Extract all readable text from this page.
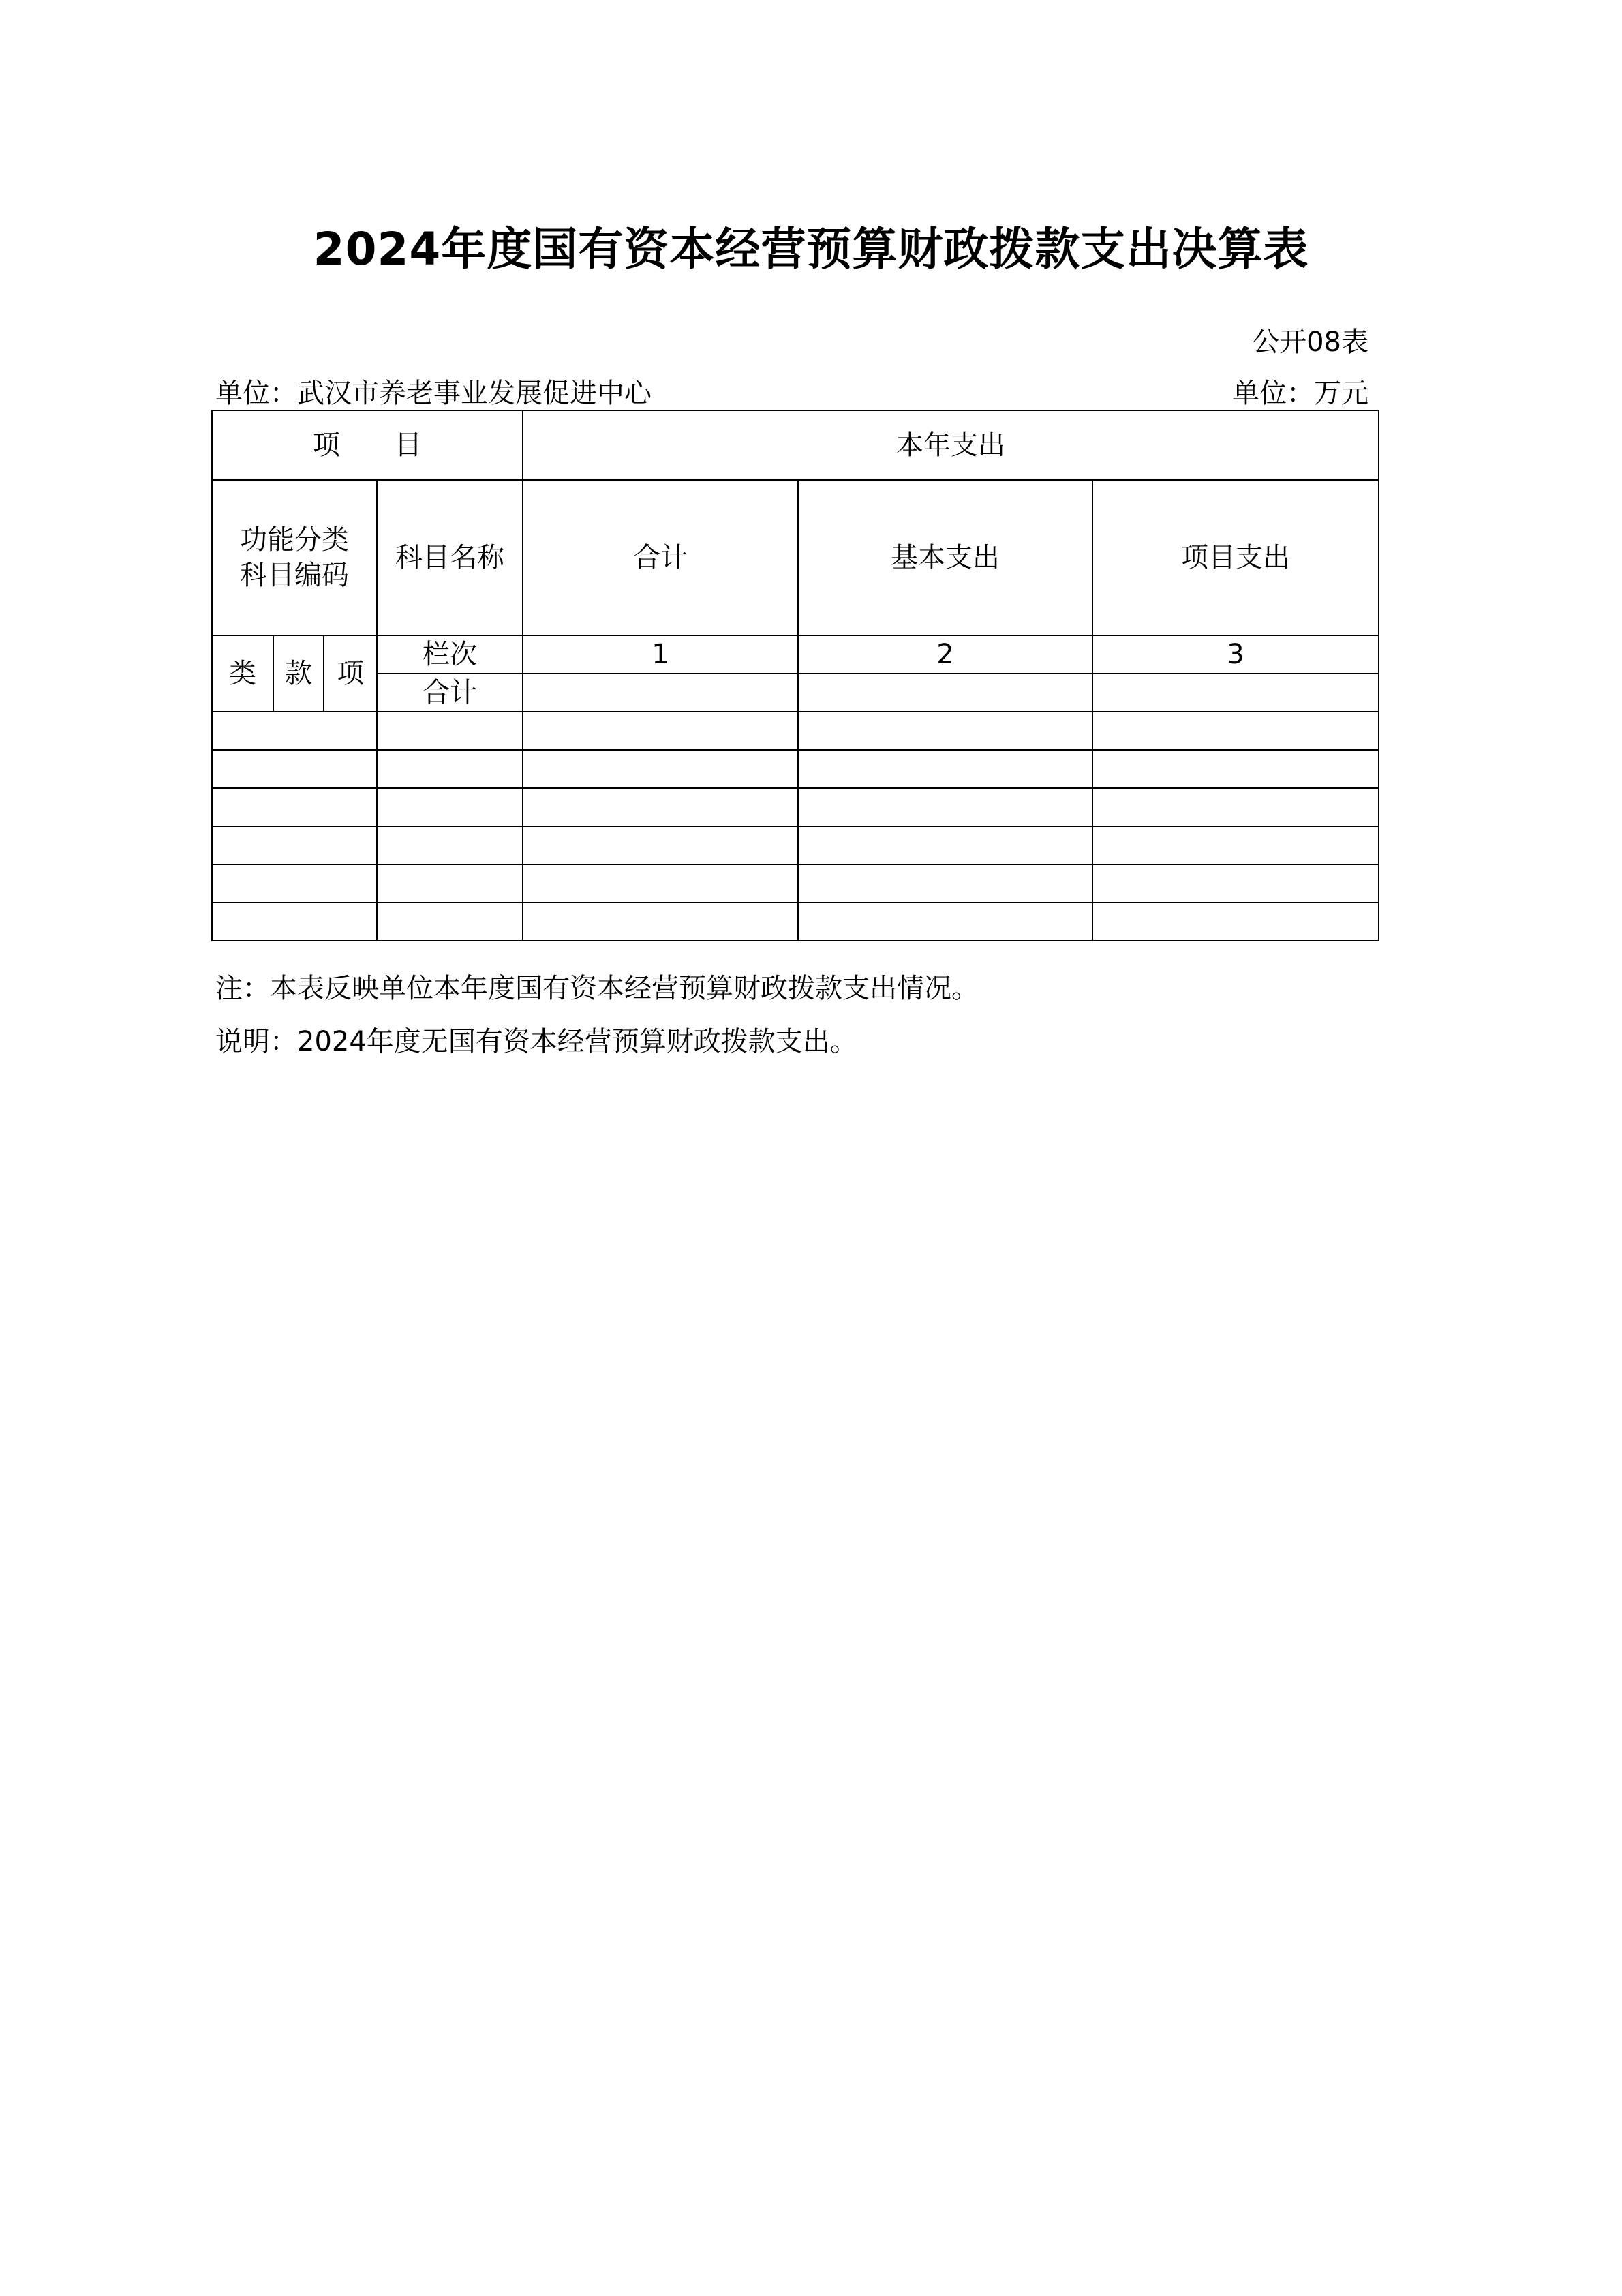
2024年度国有资本经营预算财政拨款支出决算表
公开08表
单位：武汉市养老事业发展促进中心	单位：万元
项　　目				本年支出		

功能分类
科目编码			科目名称	合计	基本支出	项目支出
类	款	项	栏次	1	2	3
			合计			

注：本表反映单位本年度国有资本经营预算财政拨款支出情况。
说明：2024年度无国有资本经营预算财政拨款支出。
